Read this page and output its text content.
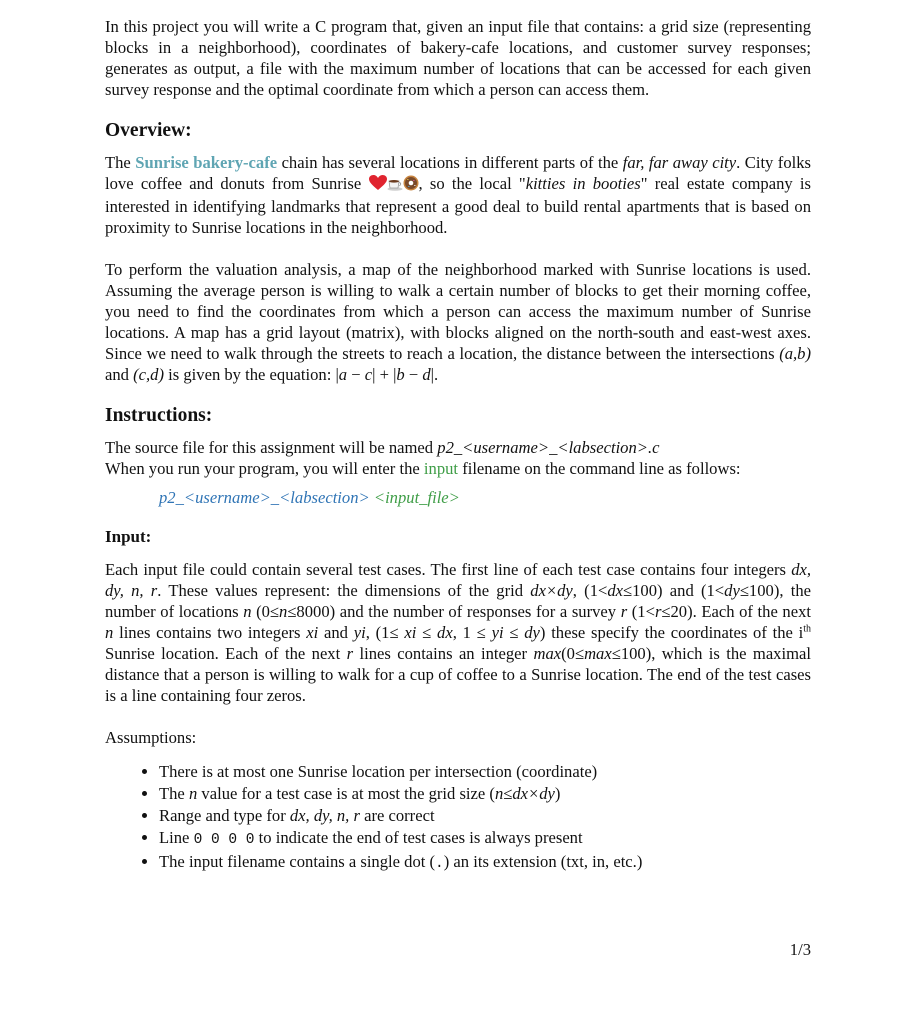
In this project you will write a C program that, given an input file that contains: a grid size (representing blocks in a neighborhood), coordinates of bakery-cafe locations, and customer survey responses; generates as output, a file with the maximum number of locations that can be accessed for each given survey response and the optimal coordinate from which a person can access them.

Overview:

The Sunrise bakery-cafe chain has several locations in different parts of the far, far away city. City folks love coffee and donuts from Sunrise	, so the local "kitties in booties" real estate company is interested in identifying landmarks that represent a good deal to build rental apartments that is based on proximity to Sunrise locations in the neighborhood.

To perform the valuation analysis, a map of the neighborhood marked with Sunrise locations is used. Assuming the average person is willing to walk a certain number of blocks to get their morning coffee, you need to find the coordinates from which a person can access the maximum number of Sunrise locations. A map has a grid layout (matrix), with blocks aligned on the north-south and east-west axes. Since we need to walk through the streets to reach a location, the distance between the intersections (a,b) and (c,d) is given by the equation: |a − c| + |b − d|.

Instructions:

The source file for this assignment will be named p2_<username>_<labsection>.c

When you run your program, you will enter the input filename on the command line as follows:

p2_<username>_<labsection> <input_file>

Input:

Each input file could contain several test cases. The first line of each test case contains four integers dx, dy, n, r. These values represent: the dimensions of the grid dx×dy, (1<dx≤100) and (1<dy≤100), the number of locations n (0≤n≤8000) and the number of responses for a survey r (1<r≤20). Each of the next n lines contains two integers xi and yi, (1≤ xi ≤ dx, 1 ≤ yi ≤ dy) these specify the coordinates of the $i^{th}$ Sunrise location. Each of the next r lines contains an integer max(0≤max≤100), which is the maximal distance that a person is willing to walk for a cup of coffee to a Sunrise location. The end of the test cases is a line containing four zeros.

Assumptions:

• There is at most one Sunrise location per intersection (coordinate)
• The n value for a test case is at most the grid size (n≤dx×dy)
• Range and type for dx, dy, n, r are correct
• Line 0 0 0 0 to indicate the end of test cases is always present
• The input filename contains a single dot (.) an its extension (txt, in, etc.)
1/3
